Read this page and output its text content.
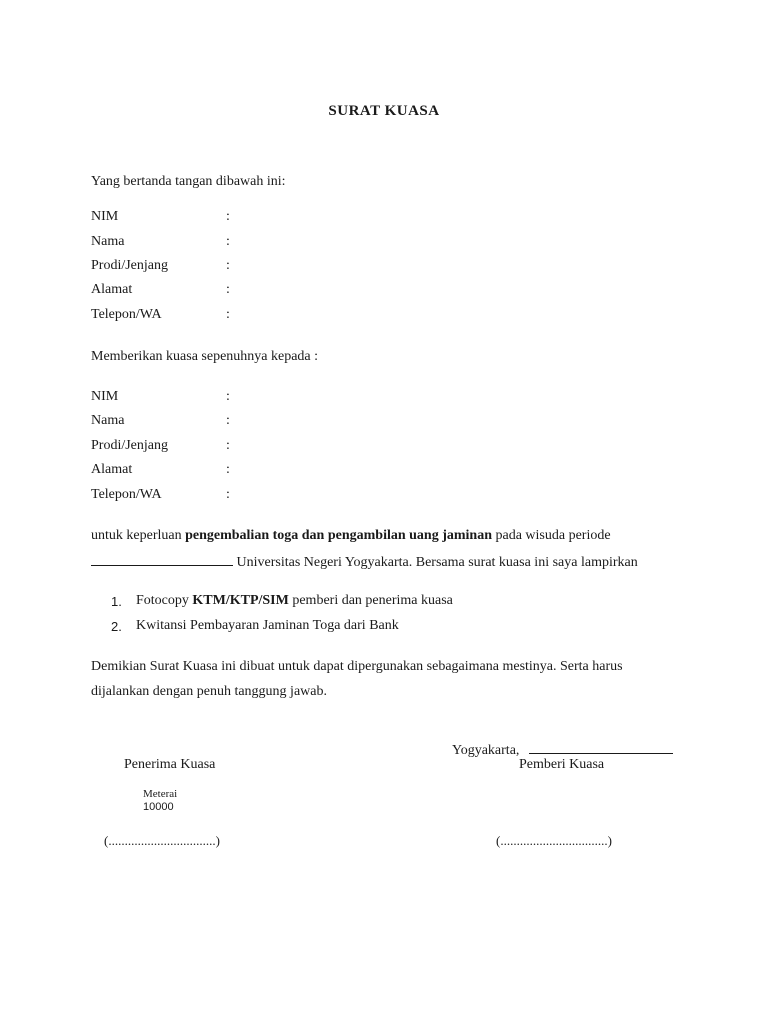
SURAT KUASA
Yang bertanda tangan dibawah ini:
NIM	:
Nama	:
Prodi/Jenjang	:
Alamat	:
Telepon/WA	:
Memberikan kuasa sepenuhnya kepada :
NIM	:
Nama	:
Prodi/Jenjang	:
Alamat	:
Telepon/WA	:
untuk keperluan pengembalian toga dan pengambilan uang jaminan pada wisuda periode
Universitas Negeri Yogyakarta. Bersama surat kuasa ini saya lampirkan
1. Fotocopy KTM/KTP/SIM pemberi dan penerima kuasa
2. Kwitansi Pembayaran Jaminan Toga dari Bank
Demikian Surat Kuasa ini dibuat untuk dapat dipergunakan sebagaimana mestinya. Serta harus
dijalankan dengan penuh tanggung jawab.
Yogyakarta,
Penerima Kuasa	Pemberi Kuasa
Meterai
10000
(.................................)	(.................................)
